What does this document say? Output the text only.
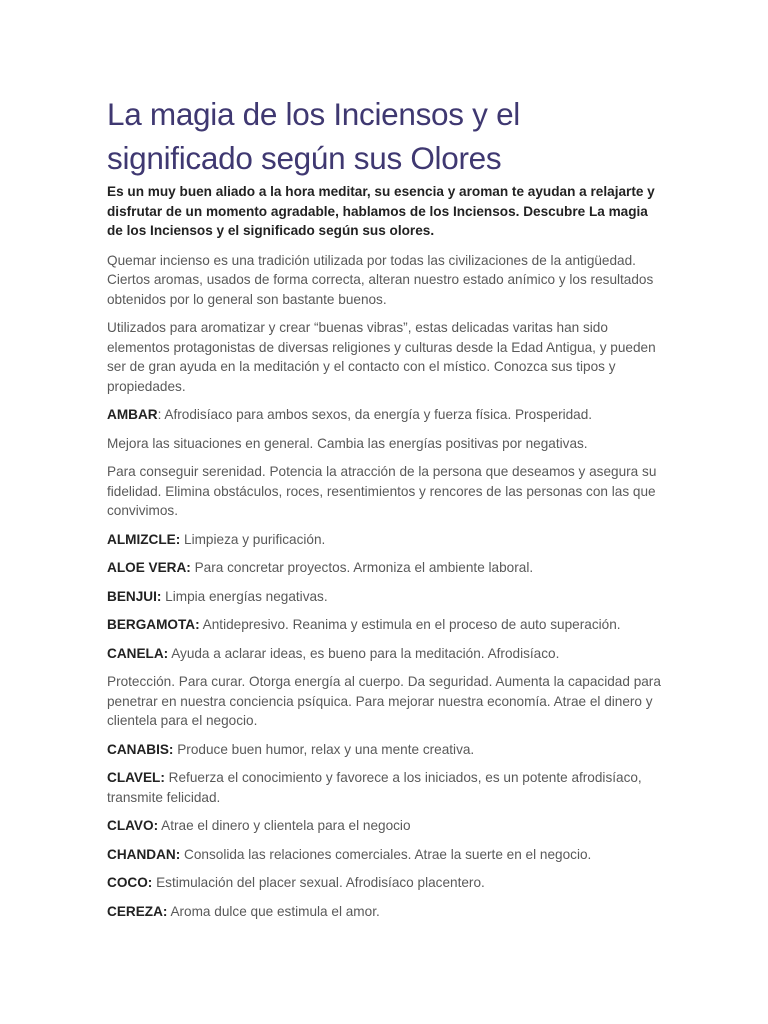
La magia de los Inciensos y el significado según sus Olores

Es un muy buen aliado a la hora meditar, su esencia y aroman te ayudan a relajarte y disfrutar de un momento agradable, hablamos de los Inciensos. Descubre La magia de los Inciensos y el significado según sus olores.

Quemar incienso es una tradición utilizada por todas las civilizaciones de la antigüedad. Ciertos aromas, usados de forma correcta, alteran nuestro estado anímico y los resultados obtenidos por lo general son bastante buenos.

Utilizados para aromatizar y crear “buenas vibras”, estas delicadas varitas han sido elementos protagonistas de diversas religiones y culturas desde la Edad Antigua, y pueden ser de gran ayuda en la meditación y el contacto con el místico. Conozca sus tipos y propiedades.

AMBAR: Afrodisíaco para ambos sexos, da energía y fuerza física. Prosperidad.

Mejora las situaciones en general. Cambia las energías positivas por negativas.

Para conseguir serenidad. Potencia la atracción de la persona que deseamos y asegura su fidelidad. Elimina obstáculos, roces, resentimientos y rencores de las personas con las que convivimos.

ALMIZCLE: Limpieza y purificación.

ALOE VERA: Para concretar proyectos. Armoniza el ambiente laboral.

BENJUI: Limpia energías negativas.

BERGAMOTA: Antidepresivo. Reanima y estimula en el proceso de auto superación.

CANELA: Ayuda a aclarar ideas, es bueno para la meditación. Afrodisíaco.

Protección. Para curar. Otorga energía al cuerpo. Da seguridad. Aumenta la capacidad para penetrar en nuestra conciencia psíquica. Para mejorar nuestra economía. Atrae el dinero y clientela para el negocio.

CANABIS: Produce buen humor, relax y una mente creativa.

CLAVEL: Refuerza el conocimiento y favorece a los iniciados, es un potente afrodisíaco, transmite felicidad.

CLAVO: Atrae el dinero y clientela para el negocio

CHANDAN: Consolida las relaciones comerciales. Atrae la suerte en el negocio.

COCO: Estimulación del placer sexual. Afrodisíaco placentero.

CEREZA: Aroma dulce que estimula el amor.
